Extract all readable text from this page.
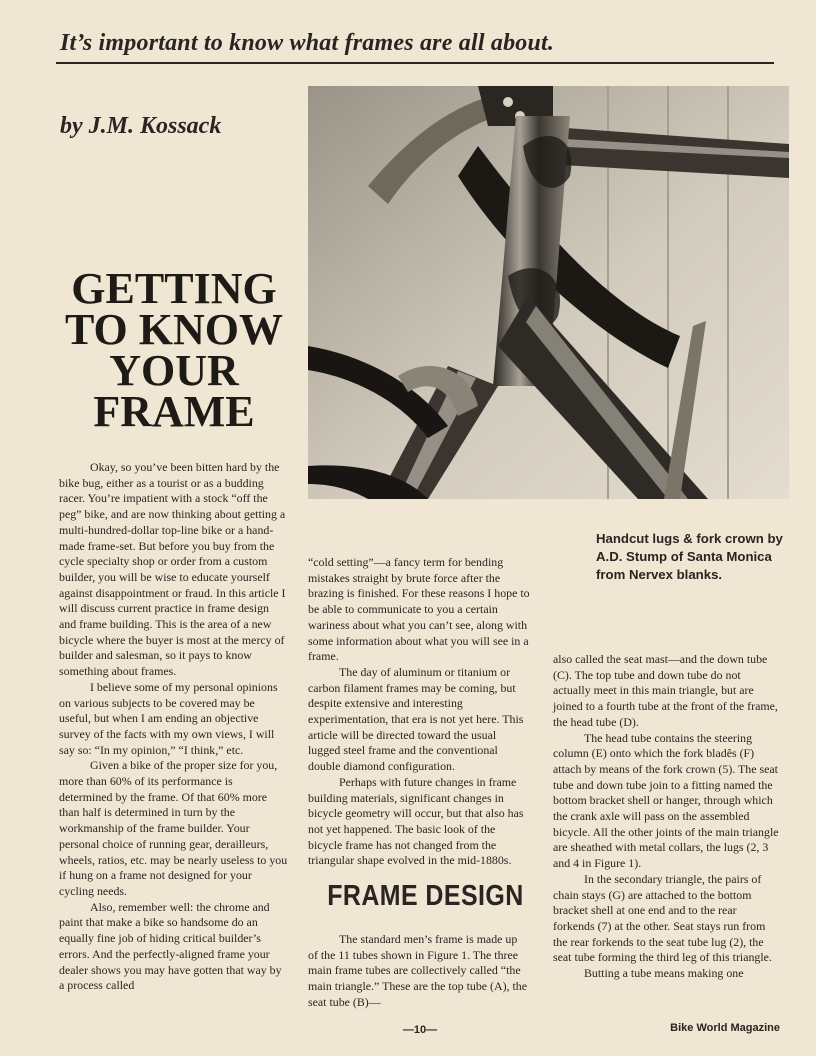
It’s important to know what frames are all about.
by J.M. Kossack
GETTING
TO KNOW
YOUR
FRAME

Okay, so you’ve been bitten hard by the bike bug, either as a tourist or as a budding racer. You’re impatient with a stock “off the peg” bike, and are now thinking about getting a multi-hundred-dollar top-line bike or a hand-made frame-set. But before you buy from the cycle specialty shop or order from a custom builder, you will be wise to educate yourself against disappointment or fraud. In this article I will discuss current practice in frame design and frame building. This is the area of a new bicycle where the buyer is most at the mercy of builder and salesman, so it pays to know something about frames.

I believe some of my personal opinions on various subjects to be covered may be useful, but when I am ending an objective survey of the facts with my own views, I will say so: “In my opinion,” “I think,” etc.

Given a bike of the proper size for you, more than 60% of its performance is determined by the frame. Of that 60% more than half is determined in turn by the workmanship of the frame builder. Your personal choice of running gear, derailleurs, wheels, ratios, etc. may be nearly useless to you if hung on a frame not designed for your cycling needs.

Also, remember well: the chrome and paint that make a bike so handsome do an equally fine job of hiding critical builder’s errors. And the perfectly-aligned frame your dealer shows you may have gotten that way by a process called

Handcut lugs & fork crown by A.D. Stump of Santa Monica from Nervex blanks.

“cold setting”—a fancy term for bending mistakes straight by brute force after the brazing is finished. For these reasons I hope to be able to communicate to you a certain wariness about what you can’t see, along with some information about what you will see in a frame.

The day of aluminum or titanium or carbon filament frames may be coming, but despite extensive and interesting experimentation, that era is not yet here. This article will be directed toward the usual lugged steel frame and the conventional double diamond configuration.

Perhaps with future changes in frame building materials, significant changes in bicycle geometry will occur, but that also has not yet happened. The basic look of the bicycle frame has not changed from the triangular shape evolved in the mid-1880s.

FRAME DESIGN

The standard men’s frame is made up of the 11 tubes shown in Figure 1. The three main frame tubes are collectively called “the main triangle.” These are the top tube (A), the seat tube (B)—

also called the seat mast—and the down tube (C). The top tube and down tube do not actually meet in this main triangle, but are joined to a fourth tube at the front of the frame, the head tube (D).

The head tube contains the steering column (E) onto which the fork bladês (F) attach by means of the fork crown (5). The seat tube and down tube join to a fitting named the bottom bracket shell or hanger, through which the crank axle will pass on the assembled bicycle. All the other joints of the main triangle are sheathed with metal collars, the lugs (2, 3 and 4 in Figure 1).

In the secondary triangle, the pairs of chain stays (G) are attached to the bottom bracket shell at one end and to the rear forkends (7) at the other. Seat stays run from the rear forkends to the seat tube lug (2), the seat tube forming the third leg of this triangle.

Butting a tube means making one

—10—	Bike World Magazine
